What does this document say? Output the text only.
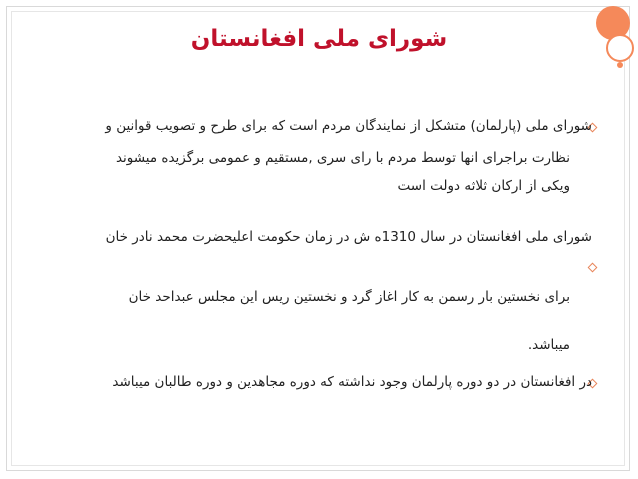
شورای ملی افغانستان
شورای ملی (پارلمان) متشکل از نمایندگان مردم است که برای طرح و تصویب قوانین و
نظارت براجرای انها توسط مردم با رای سری ,مستقیم و عمومی برگزیده میشوند
ویکی از ارکان ثلاثه دولت است
شورای ملی افغانستان در سال 1310ه ش در زمان حکومت اعلیحضرت محمد نادر خان
برای نخستین بار رسمن به کار اغاز گرد و نخستین ریس این مجلس عبداحد خان
میباشد.
در افغانستان در دو دوره پارلمان وجود نداشته که دوره مجاهدین و دوره طالبان میباشد
